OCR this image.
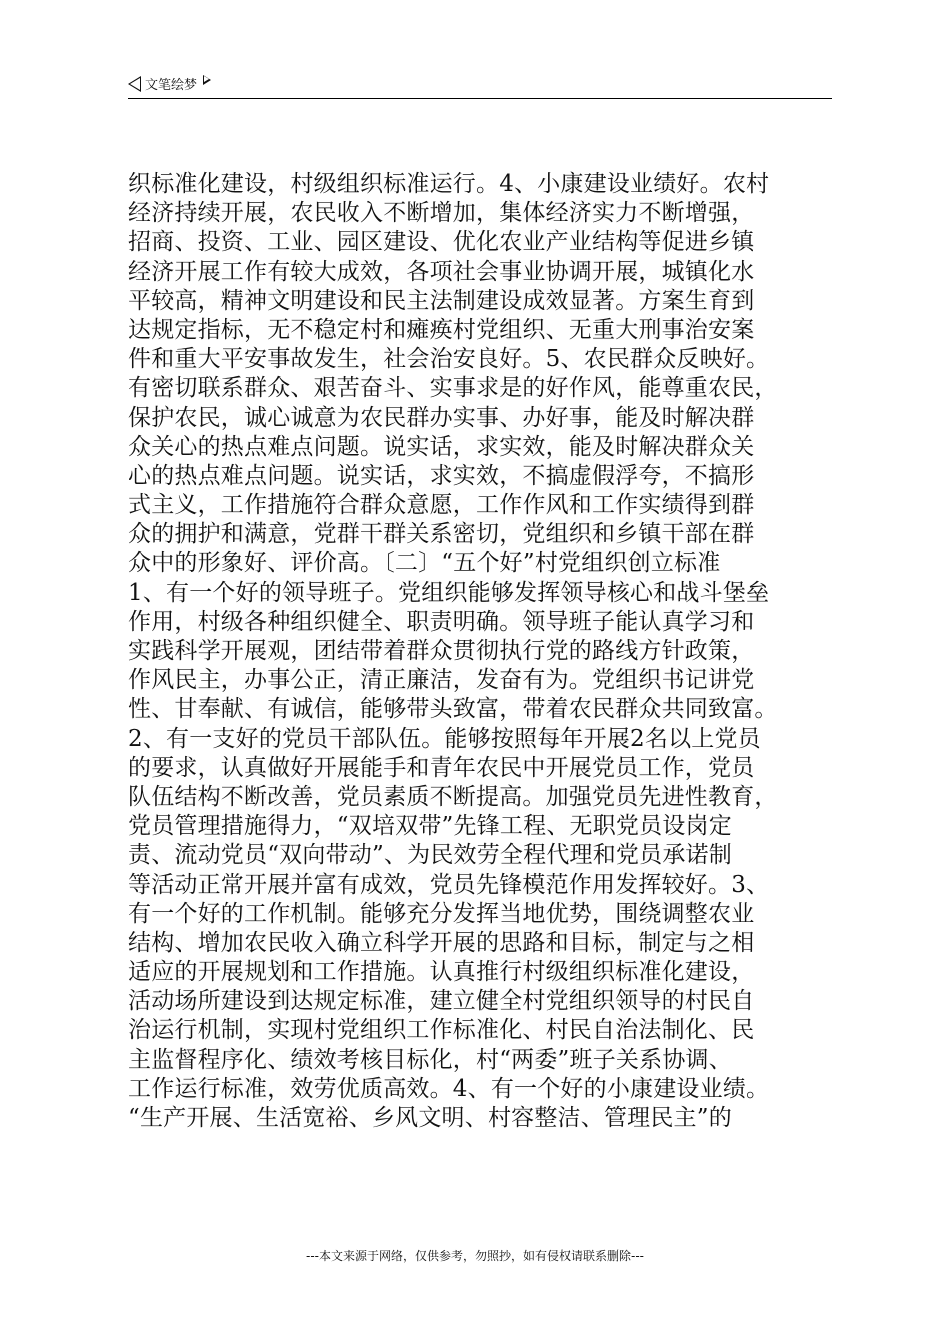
文笔绘梦
织标准化建设，村级组织标准运行。4、小康建设业绩好。农村
经济持续开展，农民收入不断增加，集体经济实力不断增强，
招商、投资、工业、园区建设、优化农业产业结构等促进乡镇
经济开展工作有较大成效，各项社会事业协调开展，城镇化水
平较高，精神文明建设和民主法制建设成效显著。方案生育到
达规定指标，无不稳定村和瘫痪村党组织、无重大刑事治安案
件和重大平安事故发生，社会治安良好。5、农民群众反映好。
有密切联系群众、艰苦奋斗、实事求是的好作风，能尊重农民，
保护农民，诚心诚意为农民群办实事、办好事，能及时解决群
众关心的热点难点问题。说实话，求实效，能及时解决群众关
心的热点难点问题。说实话，求实效，不搞虚假浮夸，不搞形
式主义，工作措施符合群众意愿，工作作风和工作实绩得到群
众的拥护和满意，党群干群关系密切，党组织和乡镇干部在群
众中的形象好、评价高。〔二〕“五个好”村党组织创立标准
1、有一个好的领导班子。党组织能够发挥领导核心和战斗堡垒
作用，村级各种组织健全、职责明确。领导班子能认真学习和
实践科学开展观，团结带着群众贯彻执行党的路线方针政策，
作风民主，办事公正，清正廉洁，发奋有为。党组织书记讲党
性、甘奉献、有诚信，能够带头致富，带着农民群众共同致富。
2、有一支好的党员干部队伍。能够按照每年开展2名以上党员
的要求，认真做好开展能手和青年农民中开展党员工作，党员
队伍结构不断改善，党员素质不断提高。加强党员先进性教育，
党员管理措施得力，“双培双带”先锋工程、无职党员设岗定
责、流动党员“双向带动”、为民效劳全程代理和党员承诺制
等活动正常开展并富有成效，党员先锋模范作用发挥较好。3、
有一个好的工作机制。能够充分发挥当地优势，围绕调整农业
结构、增加农民收入确立科学开展的思路和目标，制定与之相
适应的开展规划和工作措施。认真推行村级组织标准化建设，
活动场所建设到达规定标准，建立健全村党组织领导的村民自
治运行机制，实现村党组织工作标准化、村民自治法制化、民
主监督程序化、绩效考核目标化，村“两委”班子关系协调、
工作运行标准，效劳优质高效。4、有一个好的小康建设业绩。
“生产开展、生活宽裕、乡风文明、村容整洁、管理民主”的
---本文来源于网络，仅供参考，勿照抄，如有侵权请联系删除---
